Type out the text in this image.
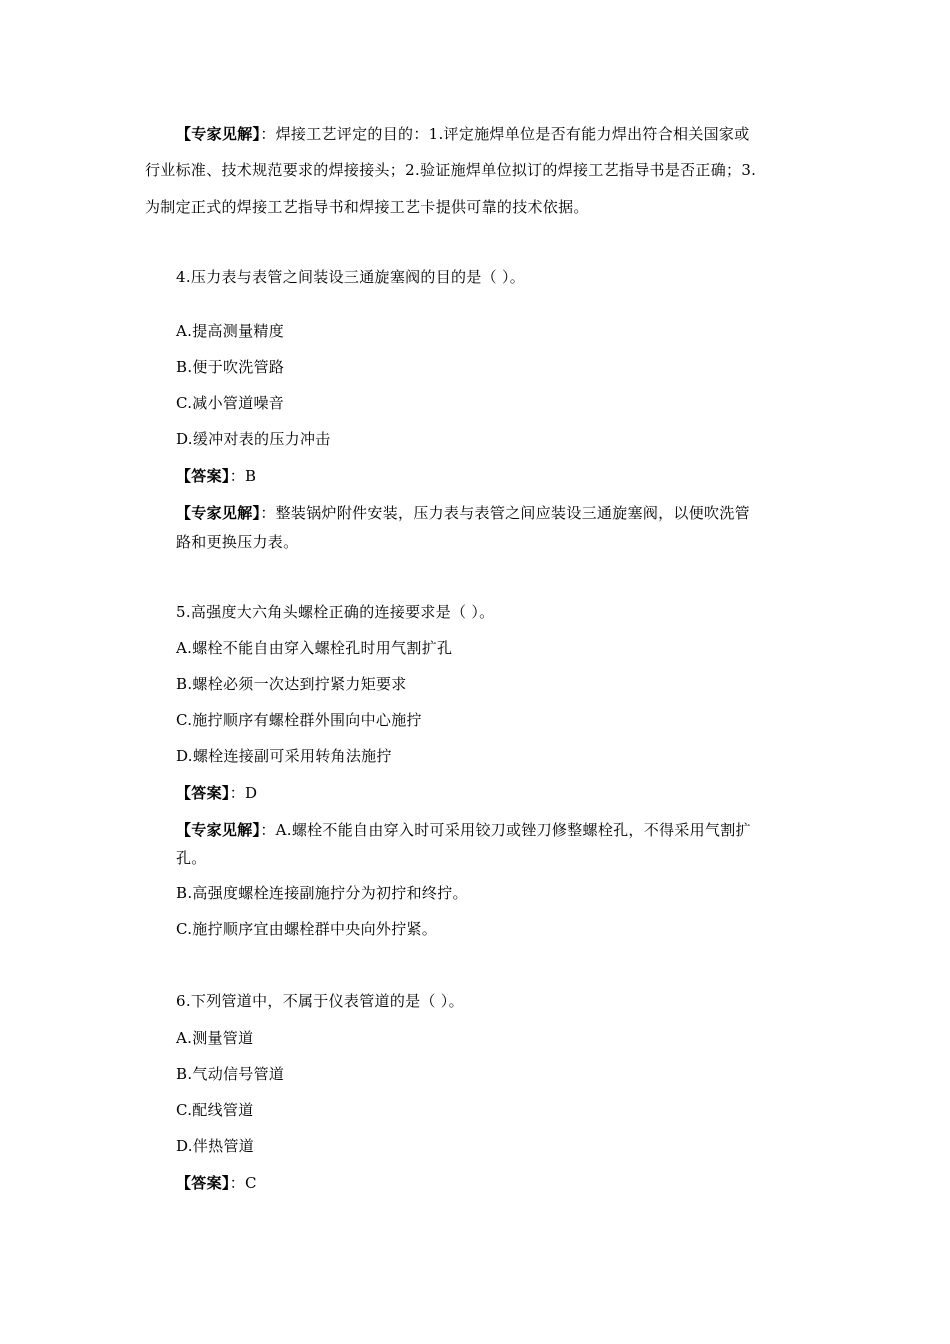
【专家见解】：焊接工艺评定的目的：1.评定施焊单位是否有能力焊出符合相关国家或
行业标准、技术规范要求的焊接接头；2.验证施焊单位拟订的焊接工艺指导书是否正确；3.
为制定正式的焊接工艺指导书和焊接工艺卡提供可靠的技术依据。
4.压力表与表管之间装设三通旋塞阀的目的是（ ）。
A.提高测量精度
B.便于吹洗管路
C.减小管道噪音
D.缓冲对表的压力冲击
【答案】：B
【专家见解】：整装锅炉附件安装，压力表与表管之间应装设三通旋塞阀，以便吹洗管
路和更换压力表。
5.高强度大六角头螺栓正确的连接要求是（ ）。
A.螺栓不能自由穿入螺栓孔时用气割扩孔
B.螺栓必须一次达到拧紧力矩要求
C.施拧顺序有螺栓群外围向中心施拧
D.螺栓连接副可采用转角法施拧
【答案】：D
【专家见解】：A.螺栓不能自由穿入时可采用铰刀或锉刀修整螺栓孔，不得采用气割扩
孔。
B.高强度螺栓连接副施拧分为初拧和终拧。
C.施拧顺序宜由螺栓群中央向外拧紧。
6.下列管道中，不属于仪表管道的是（ ）。
A.测量管道
B.气动信号管道
C.配线管道
D.伴热管道
【答案】：C
